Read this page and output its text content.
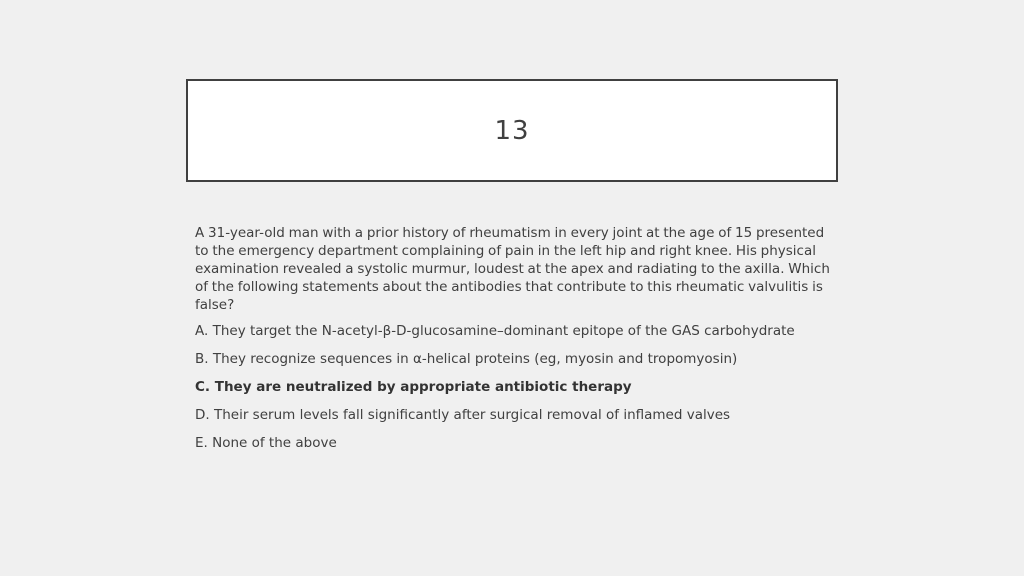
13

A 31-year-old man with a prior history of rheumatism in every joint at the age of 15 presented to the emergency department complaining of pain in the left hip and right knee. His physical examination revealed a systolic murmur, loudest at the apex and radiating to the axilla. Which of the following statements about the antibodies that contribute to this rheumatic valvulitis is false?

A. They target the N-acetyl-β-D-glucosamine–dominant epitope of the GAS carbohydrate
B. They recognize sequences in α-helical proteins (eg, myosin and tropomyosin)
C. They are neutralized by appropriate antibiotic therapy
D. Their serum levels fall significantly after surgical removal of inflamed valves
E. None of the above
